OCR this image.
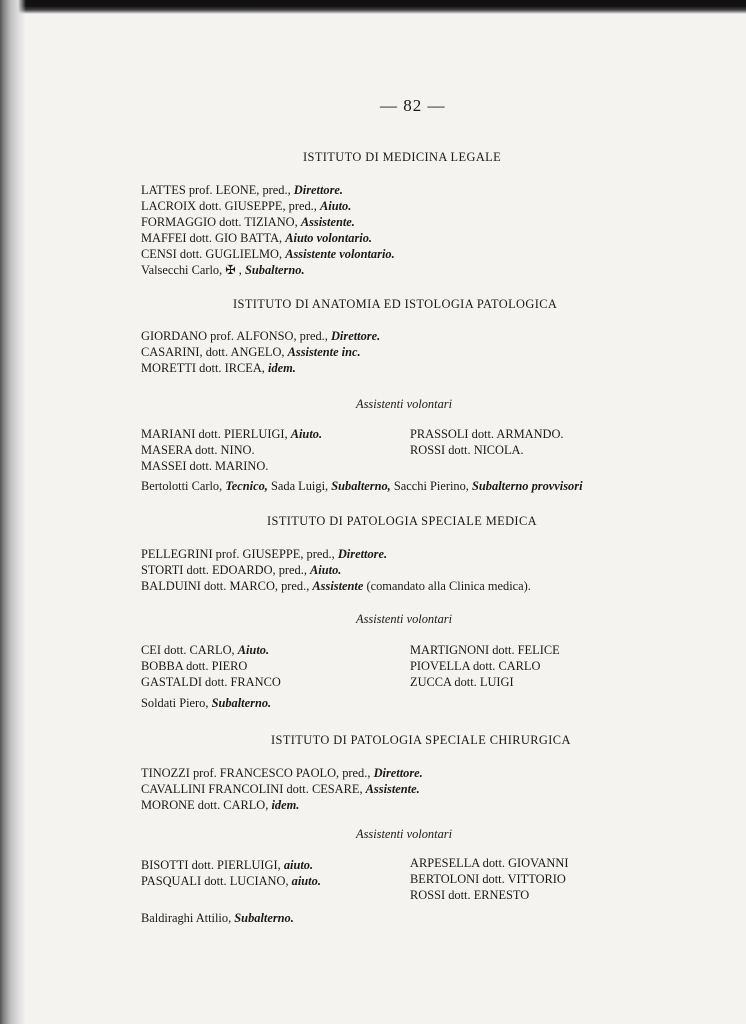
— 82 —
ISTITUTO DI MEDICINA LEGALE
LATTES prof. LEONE, pred., Direttore.
LACROIX dott. GIUSEPPE, pred., Aiuto.
FORMAGGIO dott. TIZIANO, Assistente.
MAFFEI dott. GIO BATTA, Aiuto volontario.
CENSI dott. GUGLIELMO, Assistente volontario.
Valsecchi Carlo, ✠ , Subalterno.
ISTITUTO DI ANATOMIA ED ISTOLOGIA PATOLOGICA
GIORDANO prof. ALFONSO, pred., Direttore.
CASARINI, dott. ANGELO, Assistente inc.
MORETTI dott. IRCEA, idem.
Assistenti volontari
MARIANI dott. PIERLUIGI, Aiuto.
MASERA dott. NINO.
MASSEI dott. MARINO.
PRASSOLI dott. ARMANDO.
ROSSI dott. NICOLA.
Bertolotti Carlo, Tecnico, Sada Luigi, Subalterno, Sacchi Pierino, Subalterno provvisori
ISTITUTO DI PATOLOGIA SPECIALE MEDICA
PELLEGRINI prof. GIUSEPPE, pred., Direttore.
STORTI dott. EDOARDO, pred., Aiuto.
BALDUINI dott. MARCO, pred., Assistente (comandato alla Clinica medica).
Assistenti volontari
CEI dott. CARLO, Aiuto.
BOBBA dott. PIERO
GASTALDI dott. FRANCO
MARTIGNONI dott. FELICE
PIOVELLA dott. CARLO
ZUCCA dott. LUIGI
Soldati Piero, Subalterno.
ISTITUTO DI PATOLOGIA SPECIALE CHIRURGICA
TINOZZI prof. FRANCESCO PAOLO, pred., Direttore.
CAVALLINI FRANCOLINI dott. CESARE, Assistente.
MORONE dott. CARLO, idem.
Assistenti volontari
BISOTTI dott. PIERLUIGI, aiuto.
PASQUALI dott. LUCIANO, aiuto.
ARPESELLA dott. GIOVANNI
BERTOLONI dott. VITTORIO
ROSSI dott. ERNESTO
Baldiraghi Attilio, Subalterno.
